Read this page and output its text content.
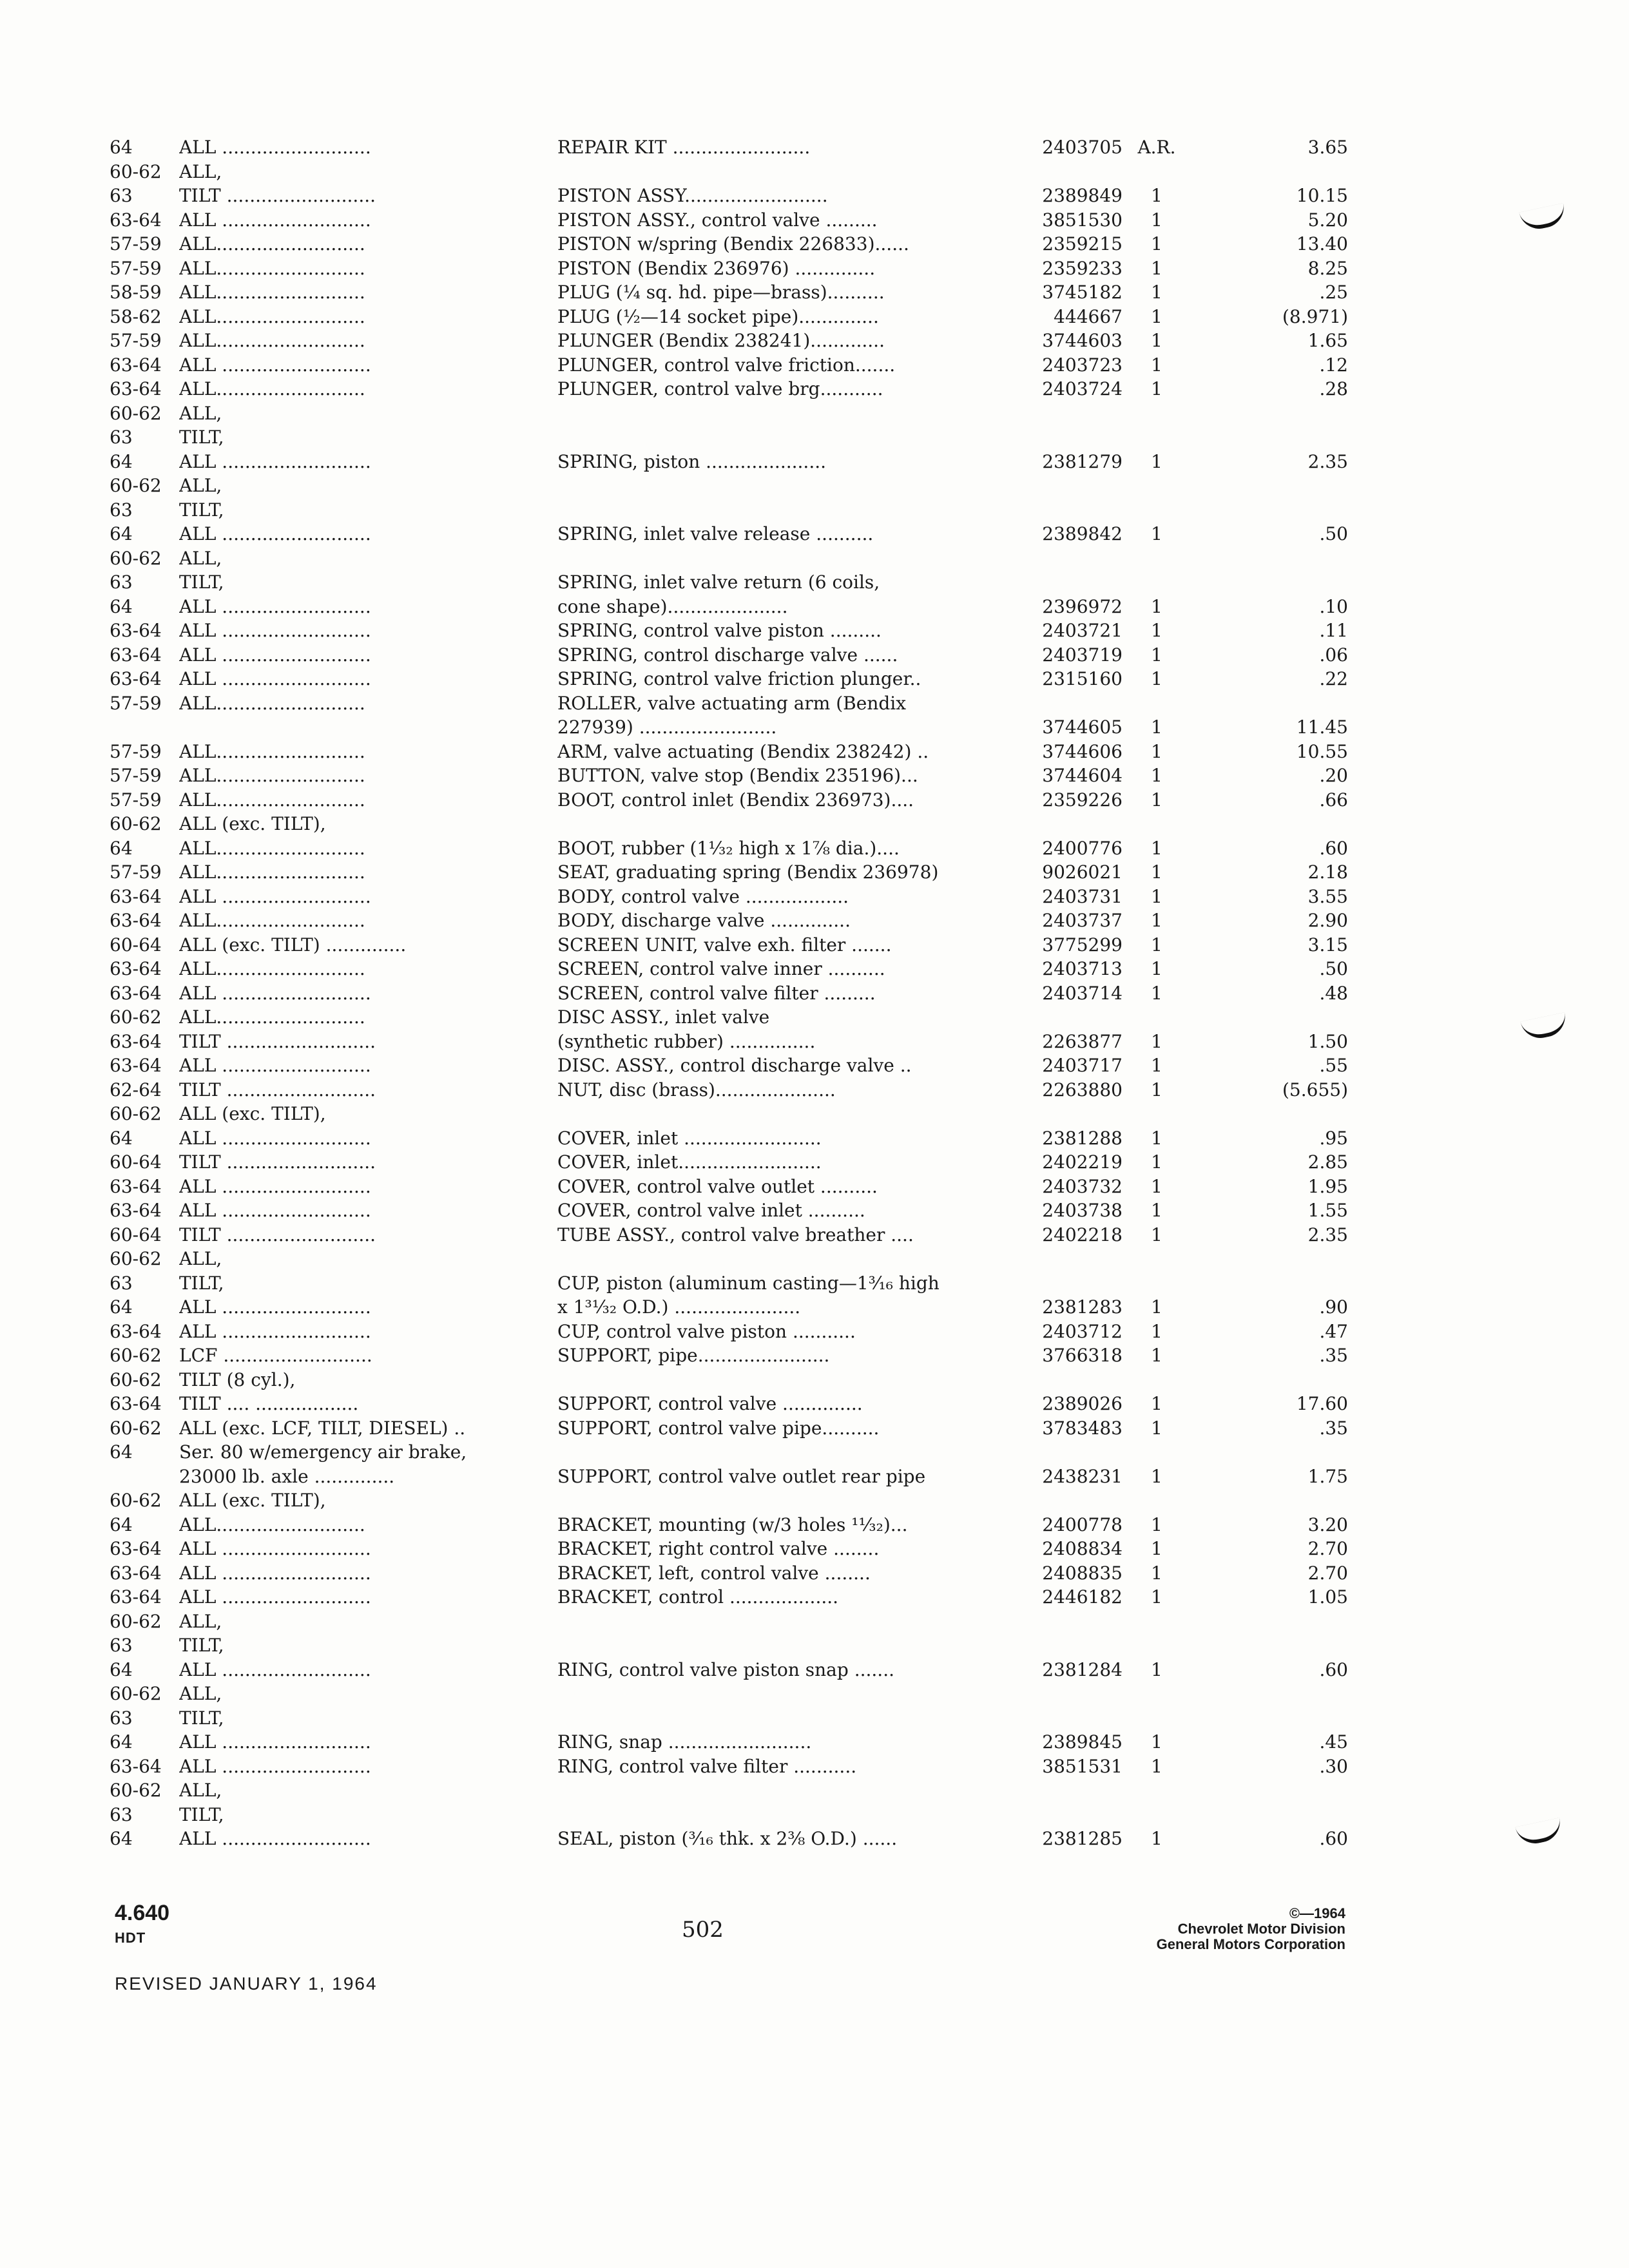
64	ALL ..........................	REPAIR KIT ........................	2403705 A.R.	3.65
60-62 ALL,
63	TILT ..........................	PISTON ASSY.........................	2389849	1	10.15
63-64 ALL ..........................	PISTON ASSY., control valve .........	3851530	1	5.20
57-59 ALL..........................	PISTON w/spring (Bendix 226833)......	2359215	1	13.40
57-59 ALL..........................	PISTON (Bendix 236976) ..............	2359233	1	8.25
58-59 ALL..........................	PLUG (¼ sq. hd. pipe—brass)..........	3745182	1	.25
58-62 ALL..........................	PLUG (½—14 socket pipe)..............	444667	1	(8.971)
57-59 ALL..........................	PLUNGER (Bendix 238241).............	3744603	1	1.65
63-64 ALL ..........................	PLUNGER, control valve friction.......	2403723	1	.12
63-64 ALL..........................	PLUNGER, control valve brg...........	2403724	1	.28
60-62 ALL,
63	TILT,
64	ALL ..........................	SPRING, piston .....................	2381279	1	2.35
60-62 ALL,
63	TILT,
64	ALL ..........................	SPRING, inlet valve release ..........	2389842	1	.50
60-62 ALL,
63	TILT,	SPRING, inlet valve return (6 coils,
64	ALL ..........................	cone shape).....................	2396972	1	.10
63-64 ALL ..........................	SPRING, control valve piston .........	2403721	1	.11
63-64 ALL ..........................	SPRING, control discharge valve ......	2403719	1	.06
63-64 ALL ..........................	SPRING, control valve friction plunger..	2315160	1	.22
57-59 ALL..........................	ROLLER, valve actuating arm (Bendix
227939) ........................	3744605	1	11.45
57-59 ALL..........................	ARM, valve actuating (Bendix 238242) ..	3744606	1	10.55
57-59 ALL..........................	BUTTON, valve stop (Bendix 235196)...	3744604	1	.20
57-59 ALL..........................	BOOT, control inlet (Bendix 236973)....	2359226	1	.66
60-62 ALL (exc. TILT),
64	ALL..........................	BOOT, rubber (1¹⁄₃₂ high x 1⅞ dia.)....	2400776	1	.60
57-59 ALL..........................	SEAT, graduating spring (Bendix 236978)	9026021	1	2.18
63-64 ALL ..........................	BODY, control valve ..................	2403731	1	3.55
63-64 ALL..........................	BODY, discharge valve ..............	2403737	1	2.90
60-64 ALL (exc. TILT) ..............	SCREEN UNIT, valve exh. filter .......	3775299	1	3.15
63-64 ALL..........................	SCREEN, control valve inner ..........	2403713	1	.50
63-64 ALL ..........................	SCREEN, control valve filter .........	2403714	1	.48
60-62 ALL..........................	DISC ASSY., inlet valve
63-64 TILT ..........................	(synthetic rubber) ...............	2263877	1	1.50
63-64 ALL ..........................	DISC. ASSY., control discharge valve ..	2403717	1	.55
62-64 TILT ..........................	NUT, disc (brass).....................	2263880	1	(5.655)
60-62 ALL (exc. TILT),
64	ALL ..........................	COVER, inlet ........................	2381288	1	.95
60-64 TILT ..........................	COVER, inlet.........................	2402219	1	2.85
63-64 ALL ..........................	COVER, control valve outlet ..........	2403732	1	1.95
63-64 ALL ..........................	COVER, control valve inlet ..........	2403738	1	1.55
60-64 TILT ..........................	TUBE ASSY., control valve breather ....	2402218	1	2.35
60-62 ALL,
63	TILT,	CUP, piston (aluminum casting—1³⁄₁₆ high
64	ALL ..........................	x 1³¹⁄₃₂ O.D.) ......................	2381283	1	.90
63-64 ALL ..........................	CUP, control valve piston ...........	2403712	1	.47
60-62 LCF ..........................	SUPPORT, pipe.......................	3766318	1	.35
60-62 TILT (8 cyl.),
63-64 TILT .... ..................	SUPPORT, control valve ..............	2389026	1	17.60
60-62 ALL (exc. LCF, TILT, DIESEL) ..	SUPPORT, control valve pipe..........	3783483	1	.35
64	Ser. 80 w/emergency air brake,
23000 lb. axle ..............	SUPPORT, control valve outlet rear pipe	2438231	1	1.75
60-62 ALL (exc. TILT),
64	ALL..........................	BRACKET, mounting (w/3 holes ¹¹⁄₃₂)...	2400778	1	3.20
63-64 ALL ..........................	BRACKET, right control valve ........	2408834	1	2.70
63-64 ALL ..........................	BRACKET, left, control valve ........	2408835	1	2.70
63-64 ALL ..........................	BRACKET, control ...................	2446182	1	1.05
60-62 ALL,
63	TILT,
64	ALL ..........................	RING, control valve piston snap .......	2381284	1	.60
60-62 ALL,
63	TILT,
64	ALL ..........................	RING, snap .........................	2389845	1	.45
63-64 ALL ..........................	RING, control valve filter ...........	3851531	1	.30
60-62 ALL,
63	TILT,
64	ALL ..........................	SEAL, piston (³⁄₁₆ thk. x 2⅜ O.D.) ......	2381285	1	.60
4.640
HDT	502
©—1964
Chevrolet Motor Division
General Motors Corporation
REVISED JANUARY 1, 1964
